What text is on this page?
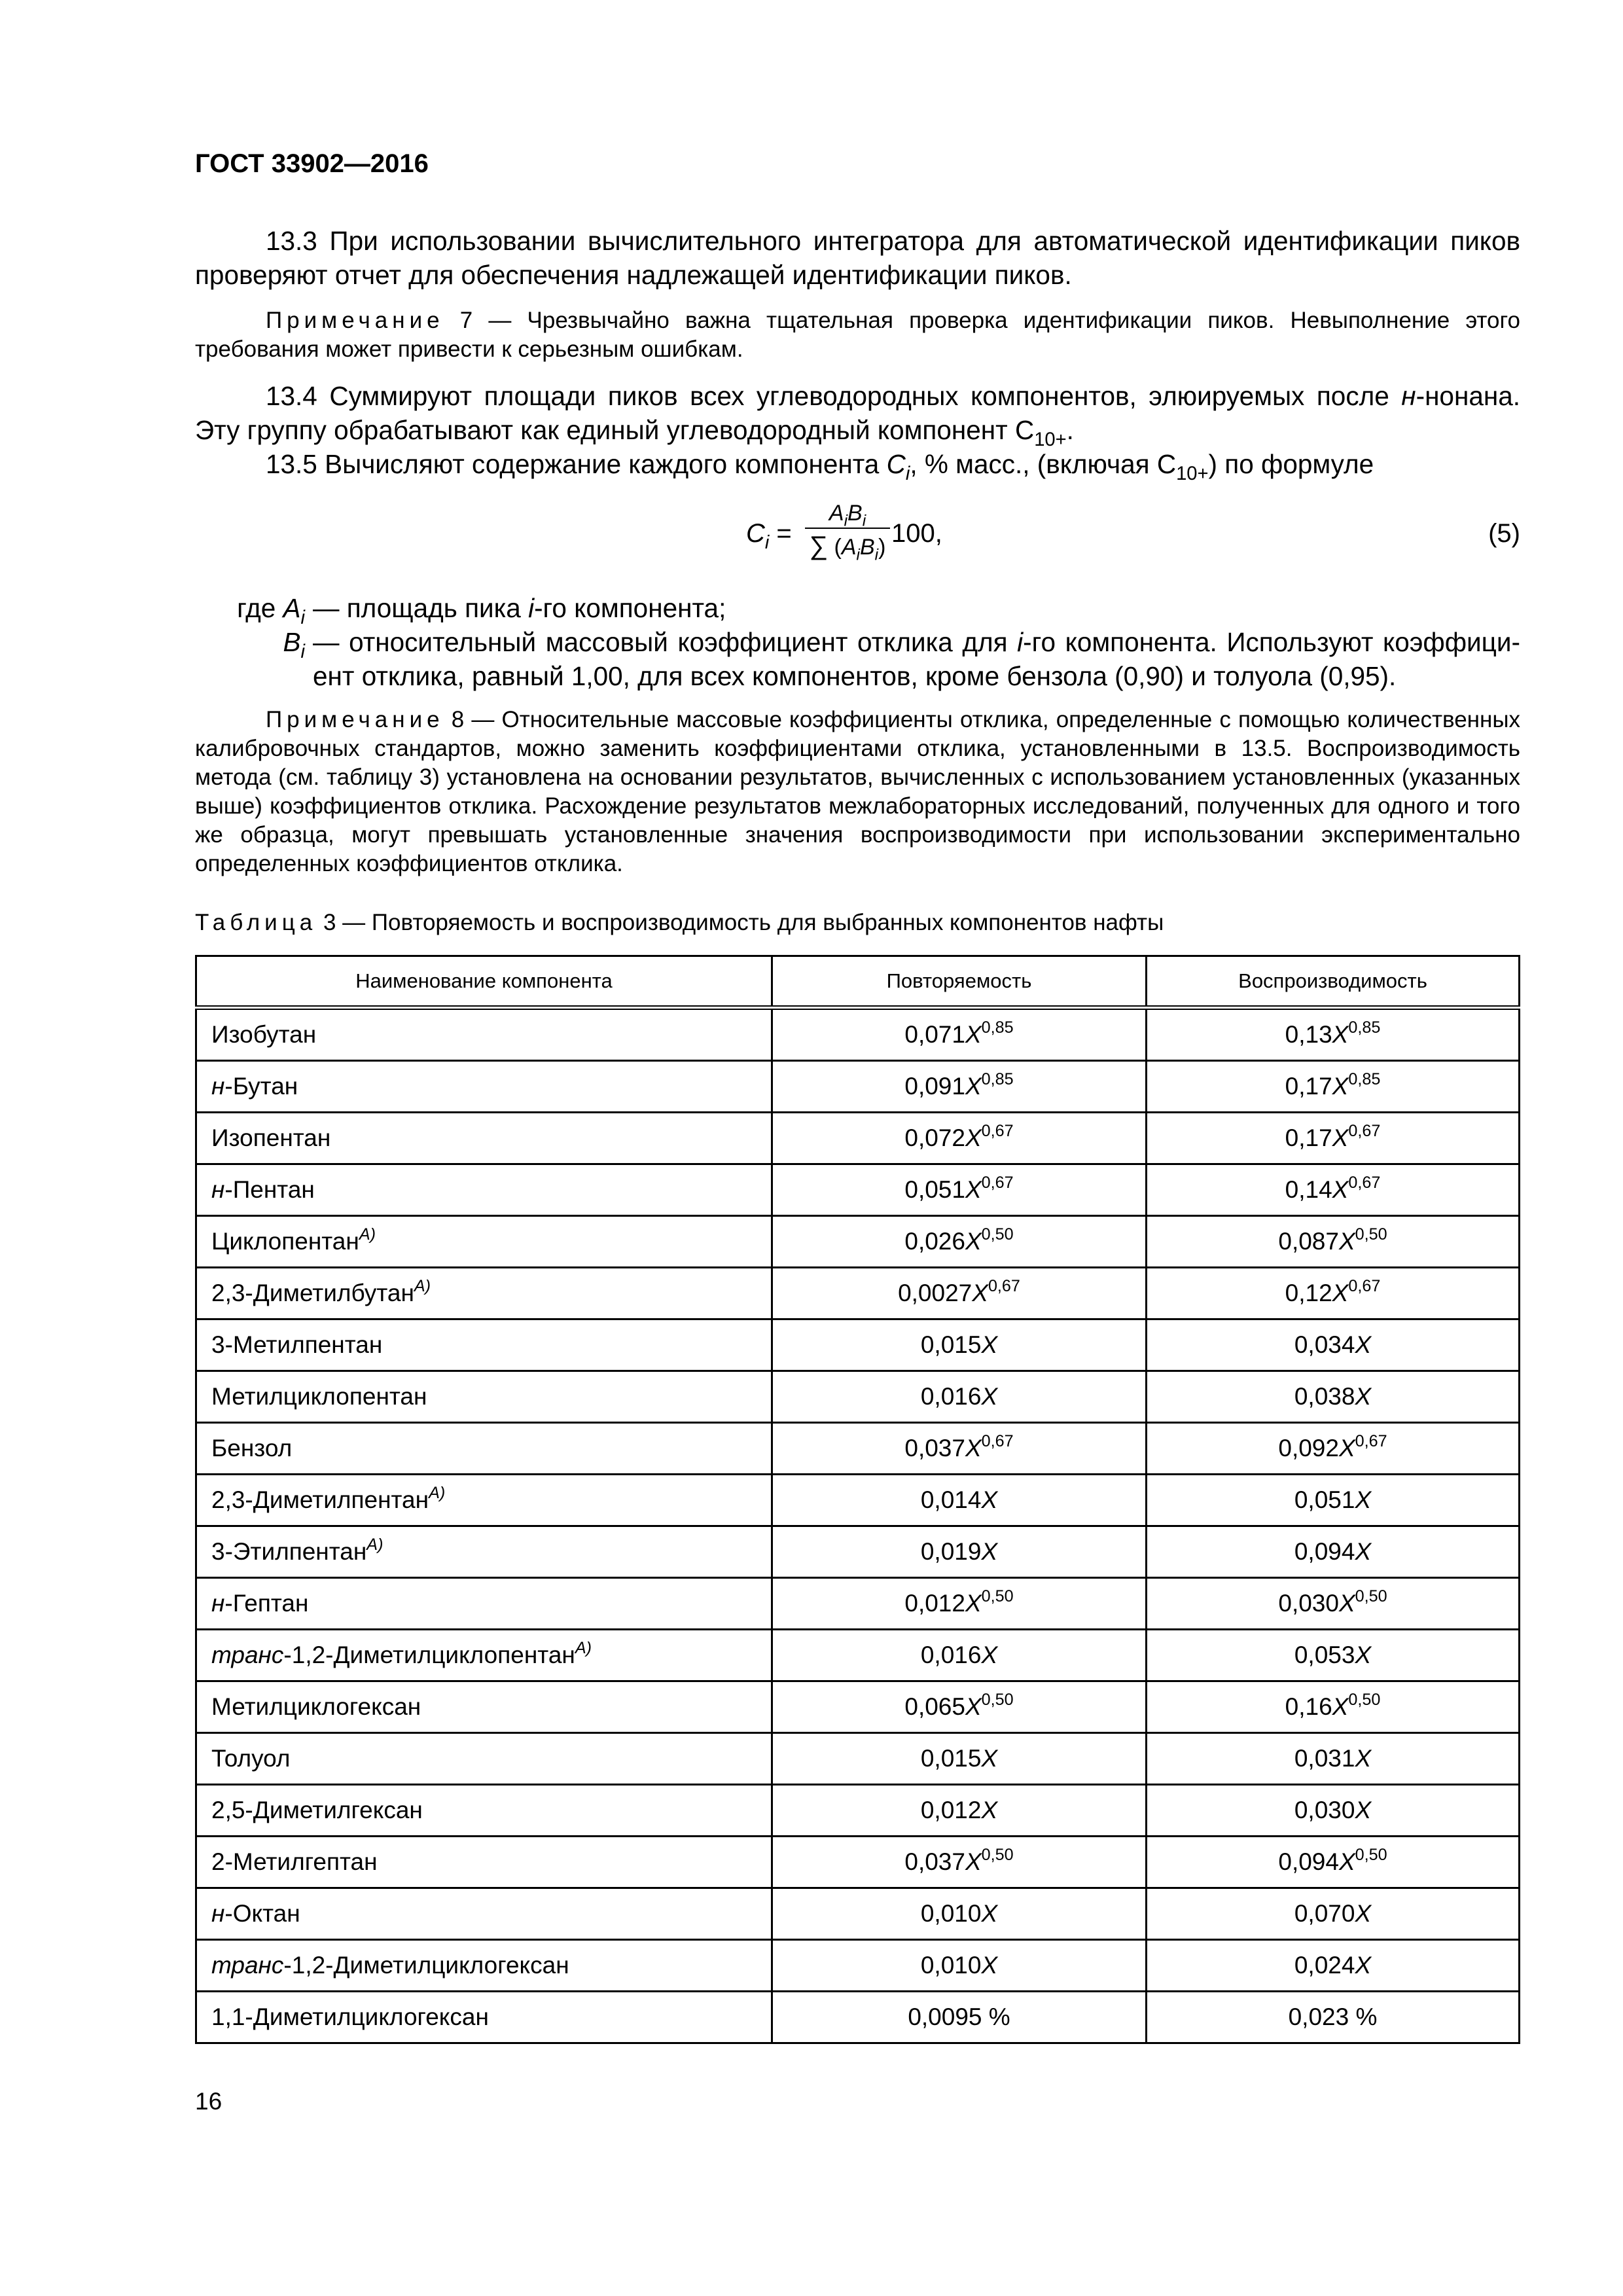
ГОСТ 33902—2016
13.3 При использовании вычислительного интегратора для автоматической идентификации пиков проверяют отчет для обеспечения надлежащей идентификации пиков.
Примечание 7 — Чрезвычайно важна тщательная проверка идентификации пиков. Невыполнение этого требования может привести к серьезным ошибкам.
13.4 Суммируют площади пиков всех углеводородных компонентов, элюируемых после н-нонана. Эту группу обрабатывают как единый углеводородный компонент $С_{10+}$.
13.5 Вычисляют содержание каждого компонента $C_i$, % масс., (включая $С_{10+}$) по формуле
$C_i$ =
$A_iB_i$
∑ $(A_iB_i)$ 100,	(5)
где $A_i$ — площадь пика i-го компонента;
$B_i$ — относительный массовый коэффициент отклика для i-го компонента. Используют коэффициент отклика, равный 1,00, для всех компонентов, кроме бензола (0,90) и толуола (0,95).
Примечание 8 — Относительные массовые коэффициенты отклика, определенные с помощью количественных калибровочных стандартов, можно заменить коэффициентами отклика, установленными в 13.5. Воспроизводимость метода (см. таблицу 3) установлена на основании результатов, вычисленных с использованием установленных (указанных выше) коэффициентов отклика. Расхождение результатов межлабораторных исследований, полученных для одного и того же образца, могут превышать установленные значения воспроизводимости при использовании экспериментально определенных коэффициентов отклика.
Таблица 3 — Повторяемость и воспроизводимость для выбранных компонентов нафты
Наименование компонента	Повторяемость	Воспроизводимость
Изобутан	$0,071X^{0,85}$	$0,13X^{0,85}$
н-Бутан	$0,091X^{0,85}$	$0,17X^{0,85}$
Изопентан	$0,072X^{0,67}$	$0,17X^{0,67}$
н-Пентан	$0,051X^{0,67}$	$0,14X^{0,67}$
Циклопентан$^{A)}$	$0,026X^{0,50}$	$0,087X^{0,50}$
2,3-Диметилбутан$^{A)}$	$0,0027X^{0,67}$	$0,12X^{0,67}$
3-Метилпентан	0,015X	0,034X
Метилциклопентан	0,016X	0,038X
Бензол	$0,037X^{0,67}$	$0,092X^{0,67}$
2,3-Диметилпентан$^{A)}$	0,014X	0,051X
3-Этилпентан$^{A)}$	0,019X	0,094X
н-Гептан	$0,012X^{0,50}$	$0,030X^{0,50}$
транс-1,2-Диметилциклопентан$^{A)}$	0,016X	0,053X
Метилциклогексан	$0,065X^{0,50}$	$0,16X^{0,50}$
Толуол	0,015X	0,031X
2,5-Диметилгексан	0,012X	0,030X
2-Метилгептан	$0,037X^{0,50}$	$0,094X^{0,50}$
н-Октан	0,010X	0,070X
транс-1,2-Диметилциклогексан	0,010X	0,024X
1,1-Диметилциклогексан	0,0095 %	0,023 %
16
